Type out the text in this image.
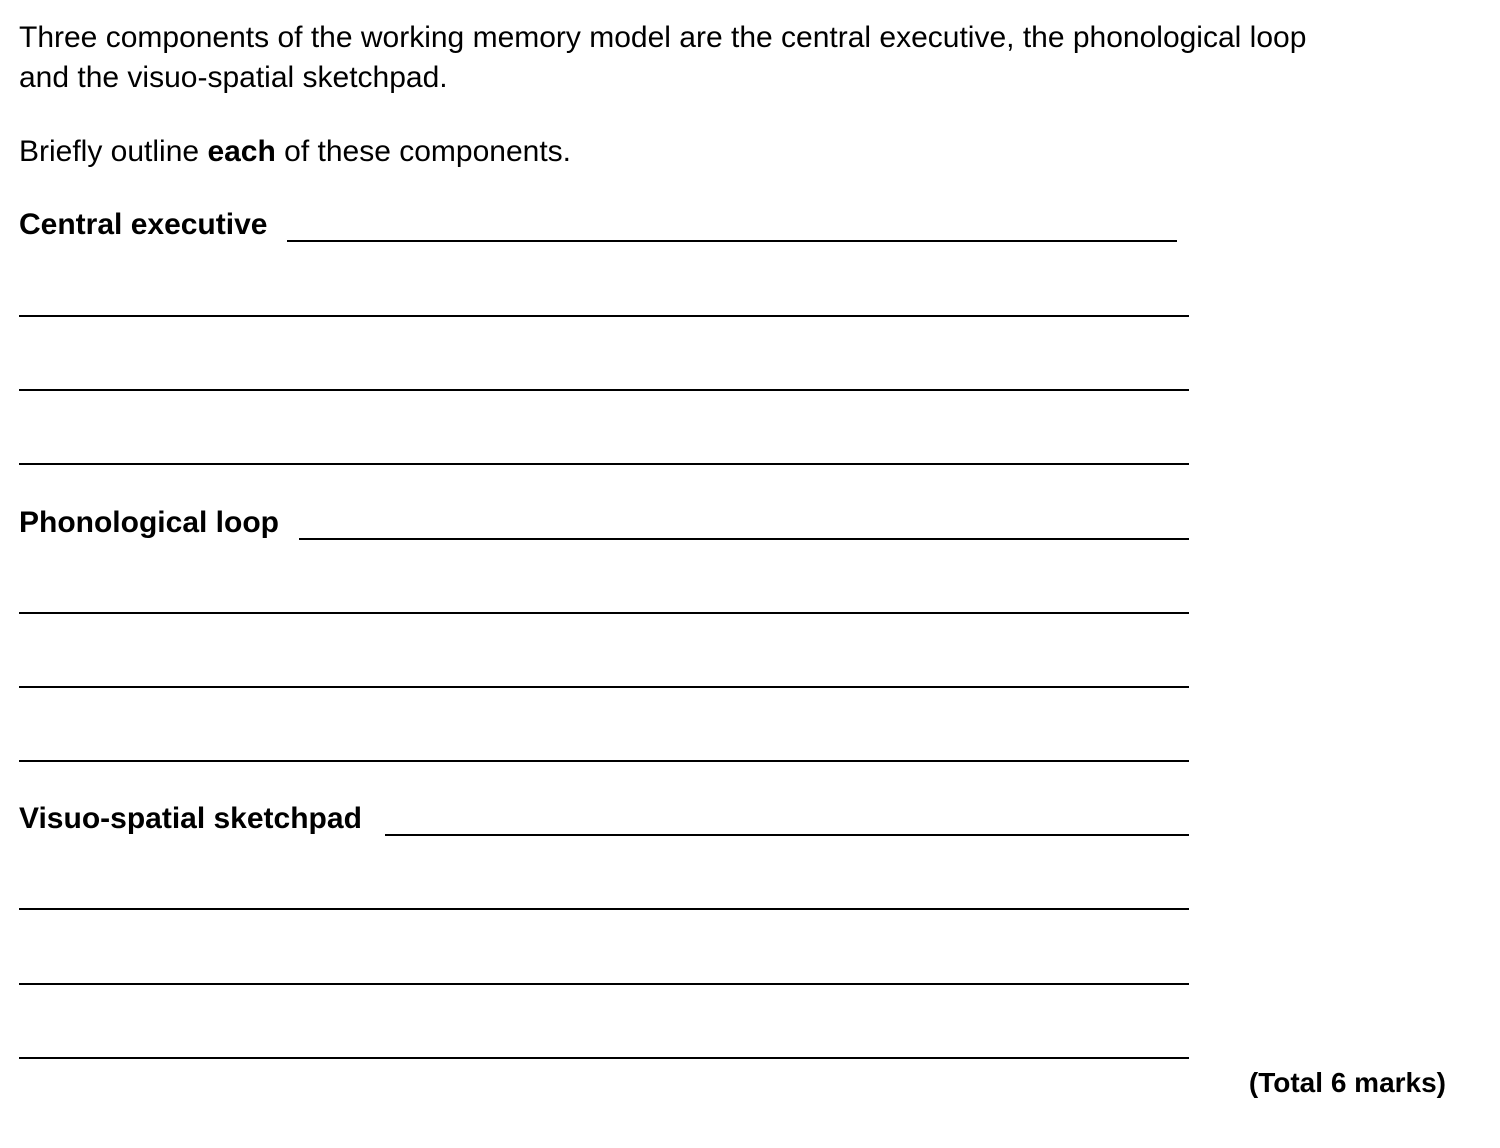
Three components of the working memory model are the central executive, the phonological loop
and the visuo-spatial sketchpad.
Briefly outline each of these components.
Central executive
Phonological loop
Visuo-spatial sketchpad
(Total 6 marks)
